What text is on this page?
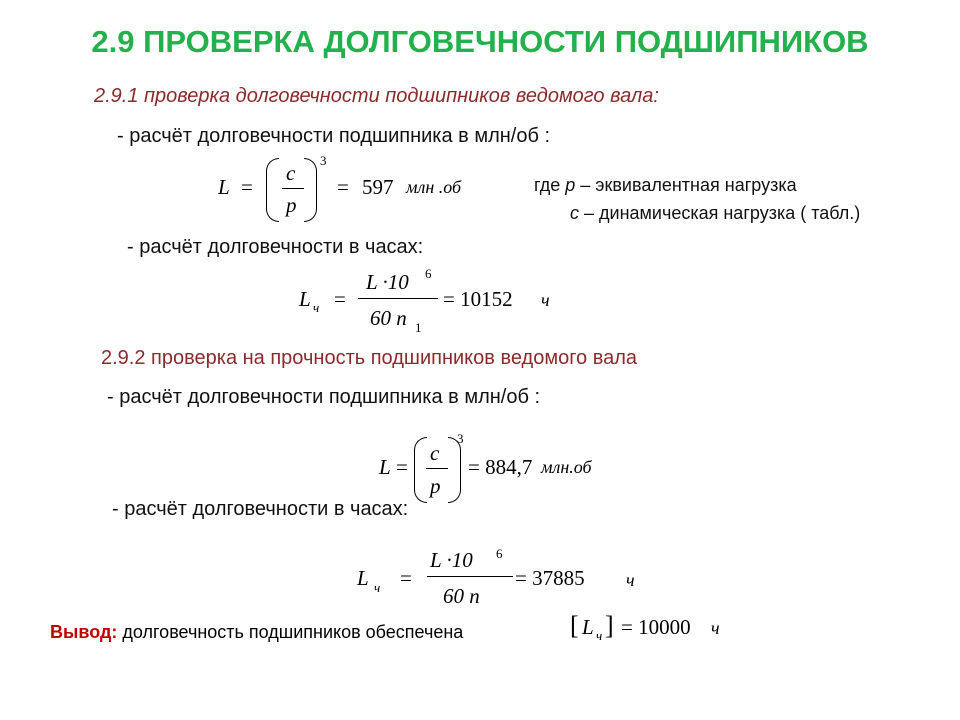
2.9 ПРОВЕРКА ДОЛГОВЕЧНОСТИ ПОДШИПНИКОВ
2.9.1 проверка долговечности подшипников ведомого вала:
- расчёт долговечности подшипника в млн/об :
L =
c
p
3
= 597 млн .об	где p – эквивалентная нагрузка
c – динамическая нагрузка ( табл.)
- расчёт долговечности в часах:
L ч =
L ·10 6
60 n 1
= 10152 ч
2.9.2 проверка на прочность подшипников ведомого вала
- расчёт долговечности подшипника в млн/об :
L =
c
p
3
= 884,7 млн.об
- расчёт долговечности в часах:
L ч =
L ·10 6
60 n
= 37885 ч
Вывод: долговечность подшипников обеспечена	[ L ч ] = 10000 ч
